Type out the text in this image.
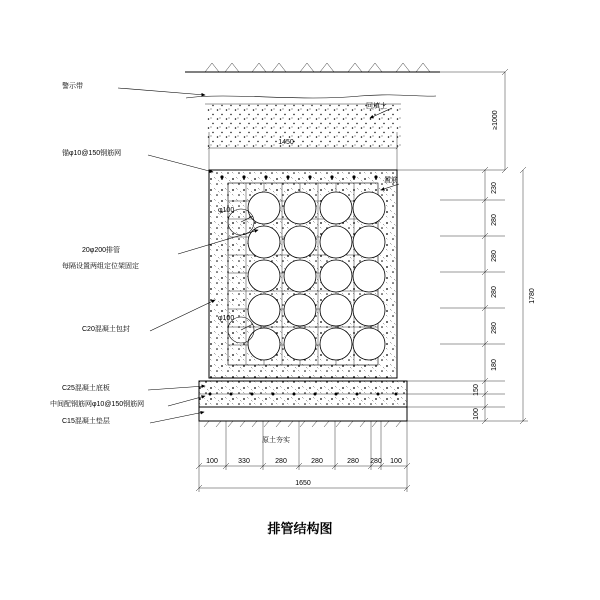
警示带
锚φ10@150钢筋网
20φ200排管
每隔设置两组定位架固定
C20混凝土包封
C25混凝土底板
中间配钢筋网φ10@150钢筋网
C15混凝土垫层
原土夯实
回填土
置筋
φ100
φ100
1450
100	330	280	280	280 280 100
1650
230
280
280
280
280
180
150
100
1780
≥1000
排管结构图
